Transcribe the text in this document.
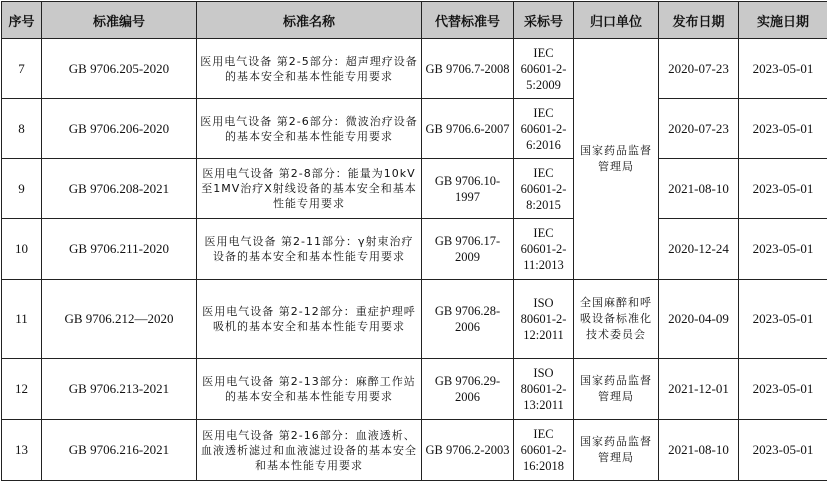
序号	标准编号	标准名称	代替标准号	采标号	归口单位	发布日期	实施日期
7	GB 9706.205-2020	医用电气设备 第2-5部分：超声理疗设备的基本安全和基本性能专用要求	GB 9706.7-2008	IEC 60601-2-5:2009	国家药品监督管理局	2020-07-23	2023-05-01
8	GB 9706.206-2020	医用电气设备 第2-6部分：微波治疗设备的基本安全和基本性能专用要求	GB 9706.6-2007	IEC 60601-2-6:2016		2020-07-23	2023-05-01
9	GB 9706.208-2021	医用电气设备 第2-8部分：能量为10kV至1MV治疗X射线设备的基本安全和基本性能专用要求	GB 9706.10-1997	IEC 60601-2-8:2015		2021-08-10	2023-05-01
10	GB 9706.211-2020	医用电气设备 第2-11部分：γ射束治疗设备的基本安全和基本性能专用要求	GB 9706.17-2009	IEC 60601-2-11:2013		2020-12-24	2023-05-01
11	GB 9706.212—2020	医用电气设备 第2-12部分：重症护理呼吸机的基本安全和基本性能专用要求	GB 9706.28-2006	ISO 80601-2-12:2011	全国麻醉和呼吸设备标准化技术委员会	2020-04-09	2023-05-01
12	GB 9706.213-2021	医用电气设备 第2-13部分：麻醉工作站的基本安全和基本性能专用要求	GB 9706.29-2006	ISO 80601-2-13:2011	国家药品监督管理局	2021-12-01	2023-05-01
13	GB 9706.216-2021	医用电气设备 第2-16部分：血液透析、血液透析滤过和血液滤过设备的基本安全和基本性能专用要求	GB 9706.2-2003	IEC 60601-2-16:2018	国家药品监督管理局	2021-08-10	2023-05-01
